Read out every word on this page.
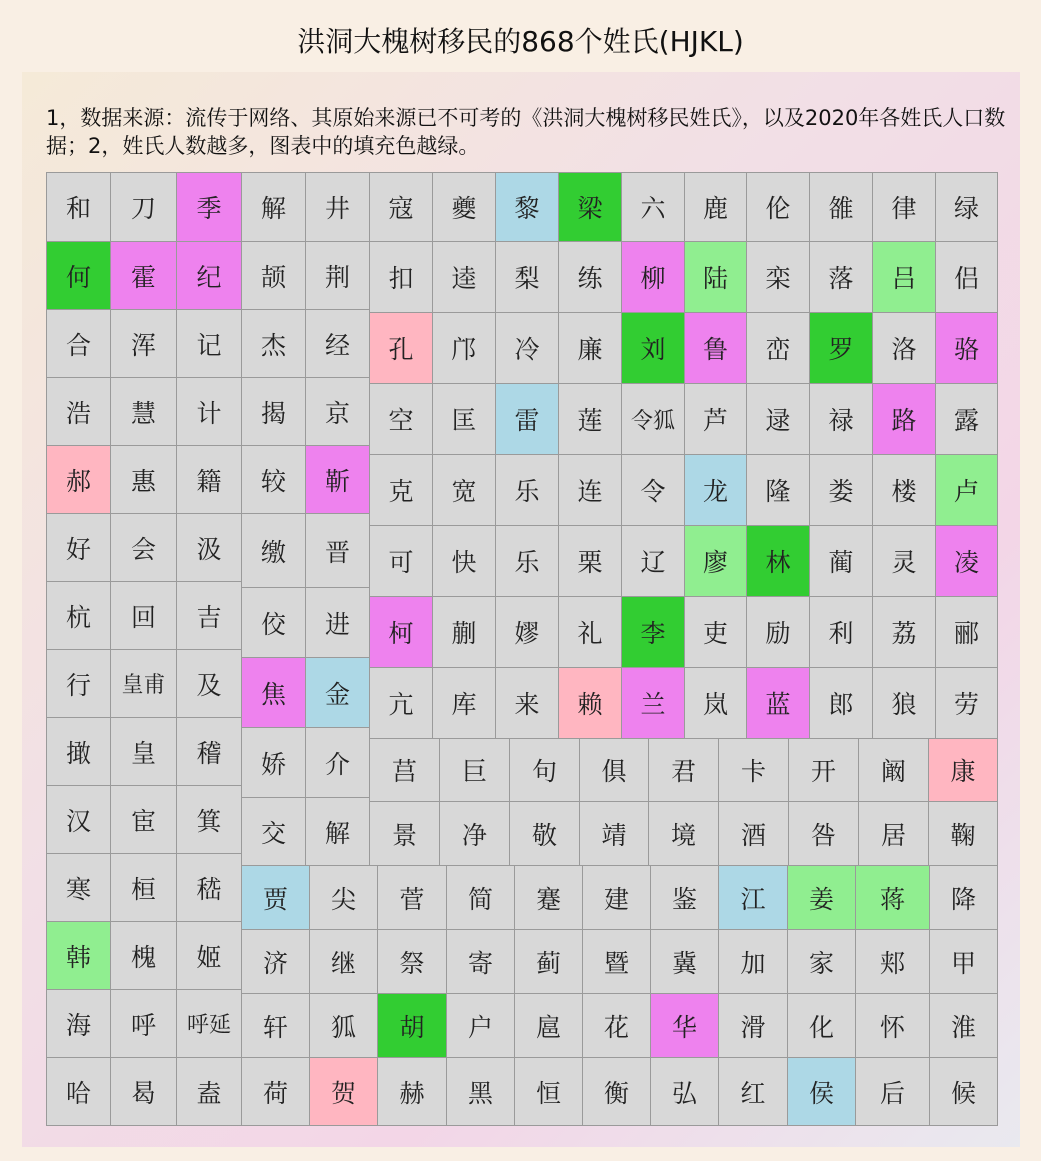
洪洞大槐树移民的868个姓氏(HJKL)

1，数据来源：流传于网络、其原始来源已不可考的《洪洞大槐树移民姓氏》，以及2020年各姓氏人口数据；2，姓氏人数越多，图表中的填充色越绿。

和	刀	季
何	霍	纪
合	浑	记
浩	慧	计
郝	惠	籍
好	会	汲
杭	回	吉
行	皇甫	及
撖	皇	稽
汉	宦	箕
寒	桓	嵇
韩	槐	姬
海	呼	呼延
哈	曷	盍
解	井
颉	荆
杰	经
揭	京
较	靳
缴	晋
佼	进
焦	金
娇	介
交	解
寇	夔	黎	梁	六	鹿	伦	雒	律	绿
扣	逵	梨	练	柳	陆	栾	落	吕	侣
孔	邝	冷	廉	刘	鲁	峦	罗	洛	骆
空	匡	雷	莲	令狐	芦	逯	禄	路	露
克	宽	乐	连	令	龙	隆	娄	楼	卢
可	快	乐	栗	辽	廖	林	蔺	灵	凌
柯	蒯	嫪	礼	李	吏	励	利	荔	郦
亢	库	来	赖	兰	岚	蓝	郎	狼	劳
莒	巨	句	俱	君	卡	开	阚	康
景	净	敬	靖	境	酒	咎	居	鞠
贾	尖	菅	简	蹇	建	鉴	江	姜	蒋	降
济	继	祭	寄	蓟	暨	冀	加	家	郏	甲
轩	狐	胡	户	扈	花	华	滑	化	怀	淮
荷	贺	赫	黑	恒	衡	弘	红	侯	后	候
